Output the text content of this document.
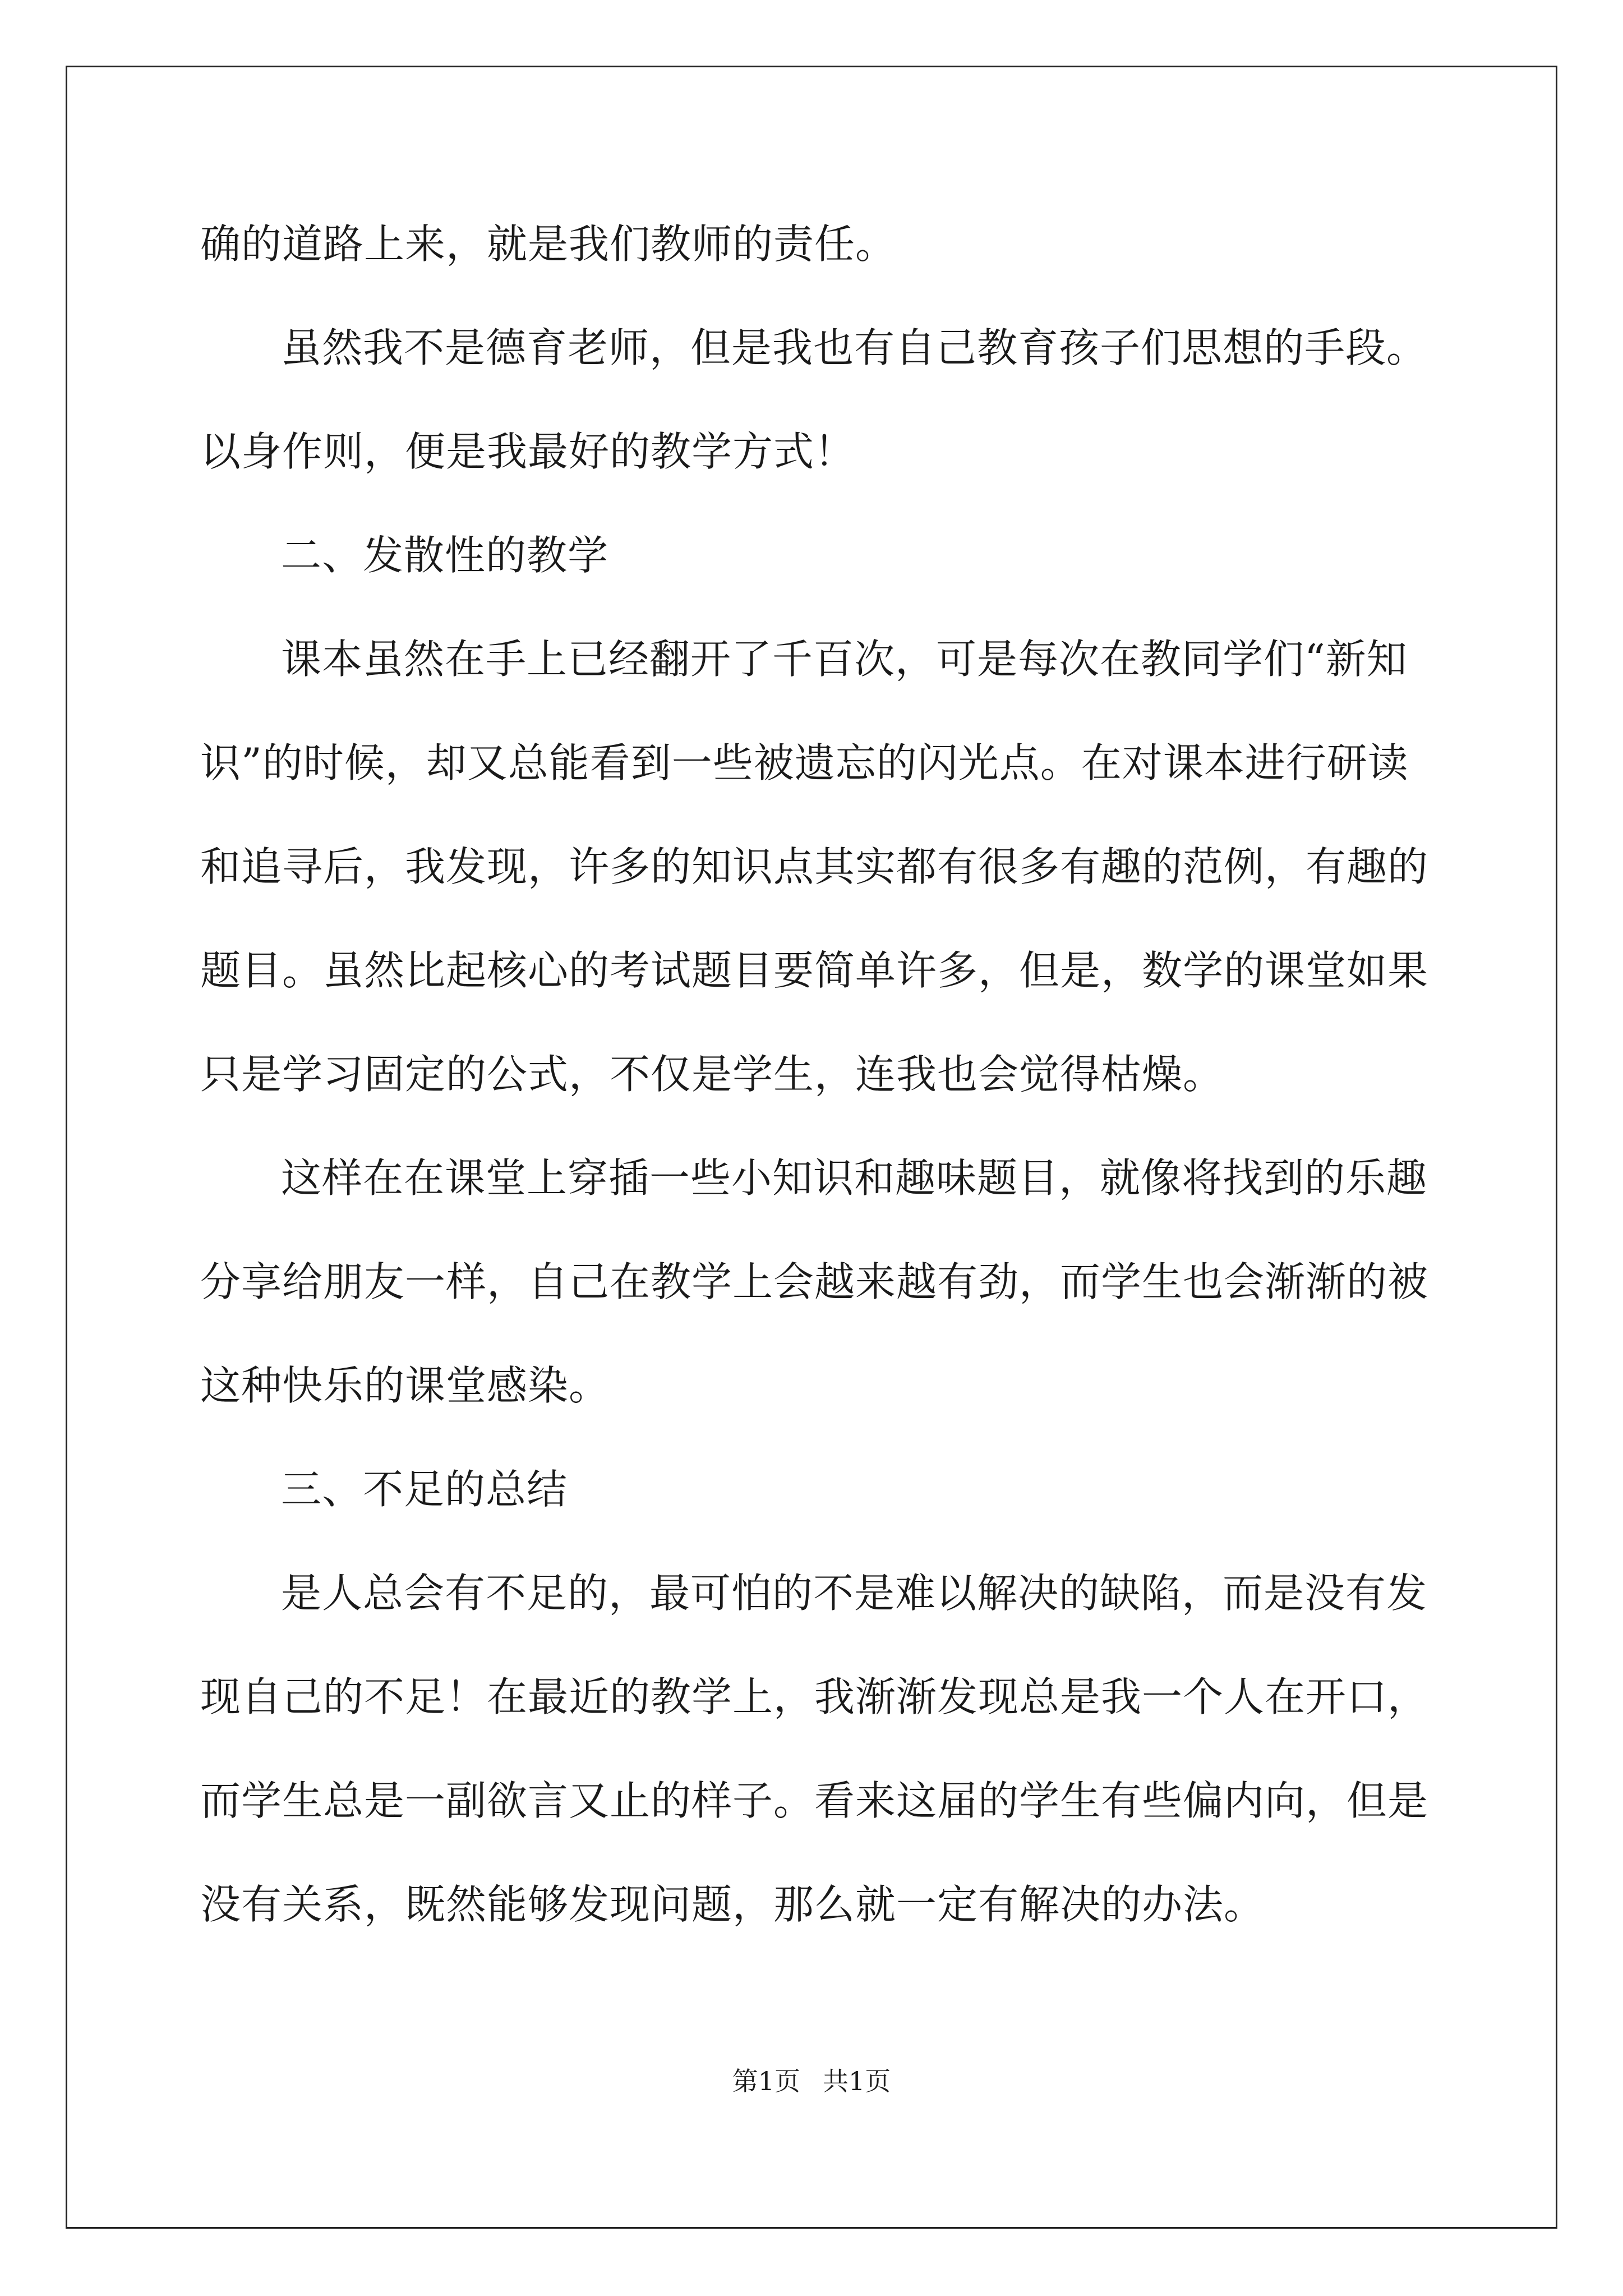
确的道路上来，就是我们教师的责任。

虽然我不是德育老师，但是我也有自己教育孩子们思想的手段。

以身作则，便是我最好的教学方式！

二、发散性的教学

课本虽然在手上已经翻开了千百次，可是每次在教同学们“新知

识”的时候，却又总能看到一些被遗忘的闪光点。在对课本进行研读

和追寻后，我发现，许多的知识点其实都有很多有趣的范例，有趣的

题目。虽然比起核心的考试题目要简单许多，但是，数学的课堂如果

只是学习固定的公式，不仅是学生，连我也会觉得枯燥。

这样在在课堂上穿插一些小知识和趣味题目，就像将找到的乐趣

分享给朋友一样，自己在教学上会越来越有劲，而学生也会渐渐的被

这种快乐的课堂感染。

三、不足的总结

是人总会有不足的，最可怕的不是难以解决的缺陷，而是没有发

现自己的不足！在最近的教学上，我渐渐发现总是我一个人在开口，

而学生总是一副欲言又止的样子。看来这届的学生有些偏内向，但是

没有关系，既然能够发现问题，那么就一定有解决的办法。

第1页 共1页
